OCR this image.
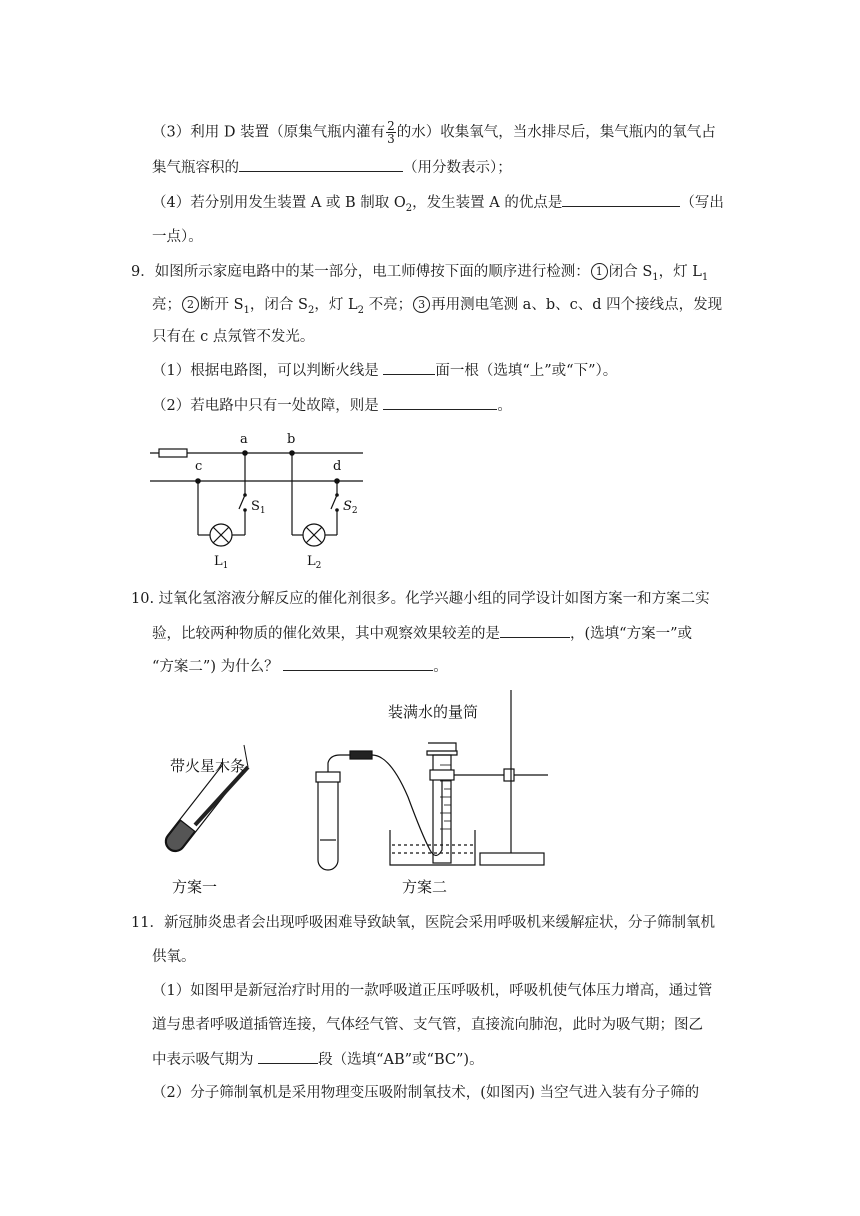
（3）利用 D 装置（原集气瓶内灌有 $\frac{2}{3}$ 的水）收集氧气，当水排尽后，集气瓶内的氧气占
集气瓶容积的	（用分数表示）；
（4）若分别用发生装置 A 或 B 制取 $O_2$，发生装置 A 的优点是	（写出
一点）。
9．如图所示家庭电路中的某一部分，电工师傅按下面的顺序进行检测： 1 闭合 $S_1$，灯 $L_1$
亮； 2 断开 $S_1$，闭合 $S_2$，灯 $L_2$ 不亮； 3 再用测电笔测 a、b、c、d 四个接线点，发现
只有在 c 点氖管不发光。
（1）根据电路图，可以判断火线是	面一根（选填“上”或“下”）。
（2）若电路中只有一处故障，则是	。
a	b
c	d
$S_1$	$S_2$
$L_1$	$L_2$
10. 过氧化氢溶液分解反应的催化剂很多。化学兴趣小组的同学设计如图方案一和方案二实
验，比较两种物质的催化效果，其中观察效果较差的是	，(选填“方案一”或
“方案二”) 为什么？	。
装满水的量筒
带火星木条
方案一	方案二
11．新冠肺炎患者会出现呼吸困难导致缺氧，医院会采用呼吸机来缓解症状，分子筛制氧机
供氧。
（1）如图甲是新冠治疗时用的一款呼吸道正压呼吸机，呼吸机使气体压力增高，通过管
道与患者呼吸道插管连接，气体经气管、支气管，直接流向肺泡，此时为吸气期；图乙
中表示吸气期为	段（选填“AB”或“BC”)。
（2）分子筛制氧机是采用物理变压吸附制氧技术，(如图丙) 当空气进入装有分子筛的
